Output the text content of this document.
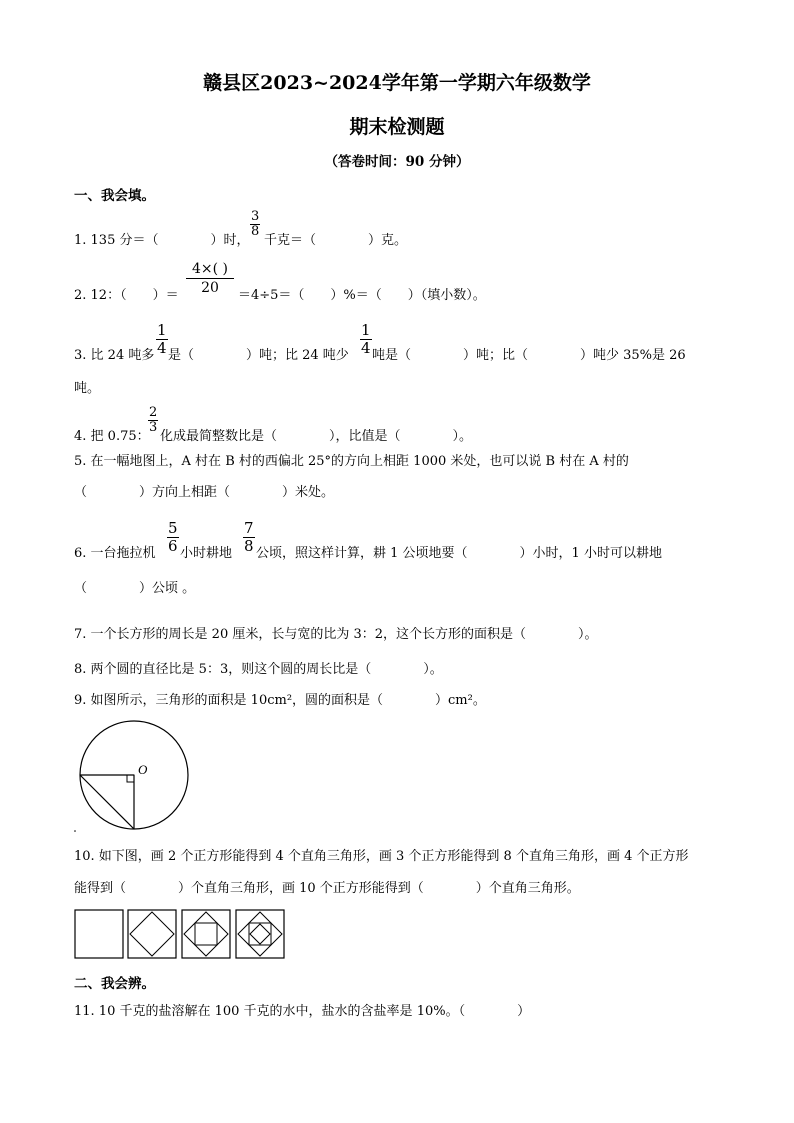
赣县区2023~2024学年第一学期六年级数学
期末检测题
（答卷时间：90 分钟）
一、我会填。
1. 135 分＝（　　　　）时，
$\frac{3}{8}$
千克＝（　　　　）克。
2. 12：（　　）＝ $\frac{4\times( )}{20} =4\div 5=$（　　）%＝（　　）（填小数）。
3. 比 24 吨多 $\frac{1}{4}$ 是（　　　　）吨；比 24 吨少 $\frac{1}{4}$ 吨是（　　　　）吨；比（　　　　）吨少 35%是 26
吨。
4. 把 0.75：
$\frac{2}{3}$
化成最简整数比是（　　　　），比值是（　　　　）。
5. 在一幅地图上，A 村在 B 村的西偏北 25°的方向上相距 1000 米处，也可以说 B 村在 A 村的
（　　　　）方向上相距（　　　　）米处。
6. 一台拖拉机 $\frac{5}{6}$ 小时耕地 $\frac{7}{8}$ 公顷，照这样计算，耕 1 公顷地要（　　　　）小时，1 小时可以耕地
（　　　　）公顷 。
7. 一个长方形的周长是 20 厘米，长与宽的比为 3：2，这个长方形的面积是（　　　　）。
8. 两个圆的直径比是 5：3，则这个圆的周长比是（　　　　）。
9. 如图所示，三角形的面积是 10cm²，圆的面积是（　　　　）cm²。
O
10. 如下图，画 2 个正方形能得到 4 个直角三角形，画 3 个正方形能得到 8 个直角三角形，画 4 个正方形
能得到（　　　　）个直角三角形，画 10 个正方形能得到（　　　　）个直角三角形。
二、我会辨。
11. 10 千克的盐溶解在 100 千克的水中，盐水的含盐率是 10%。（　　　　）
